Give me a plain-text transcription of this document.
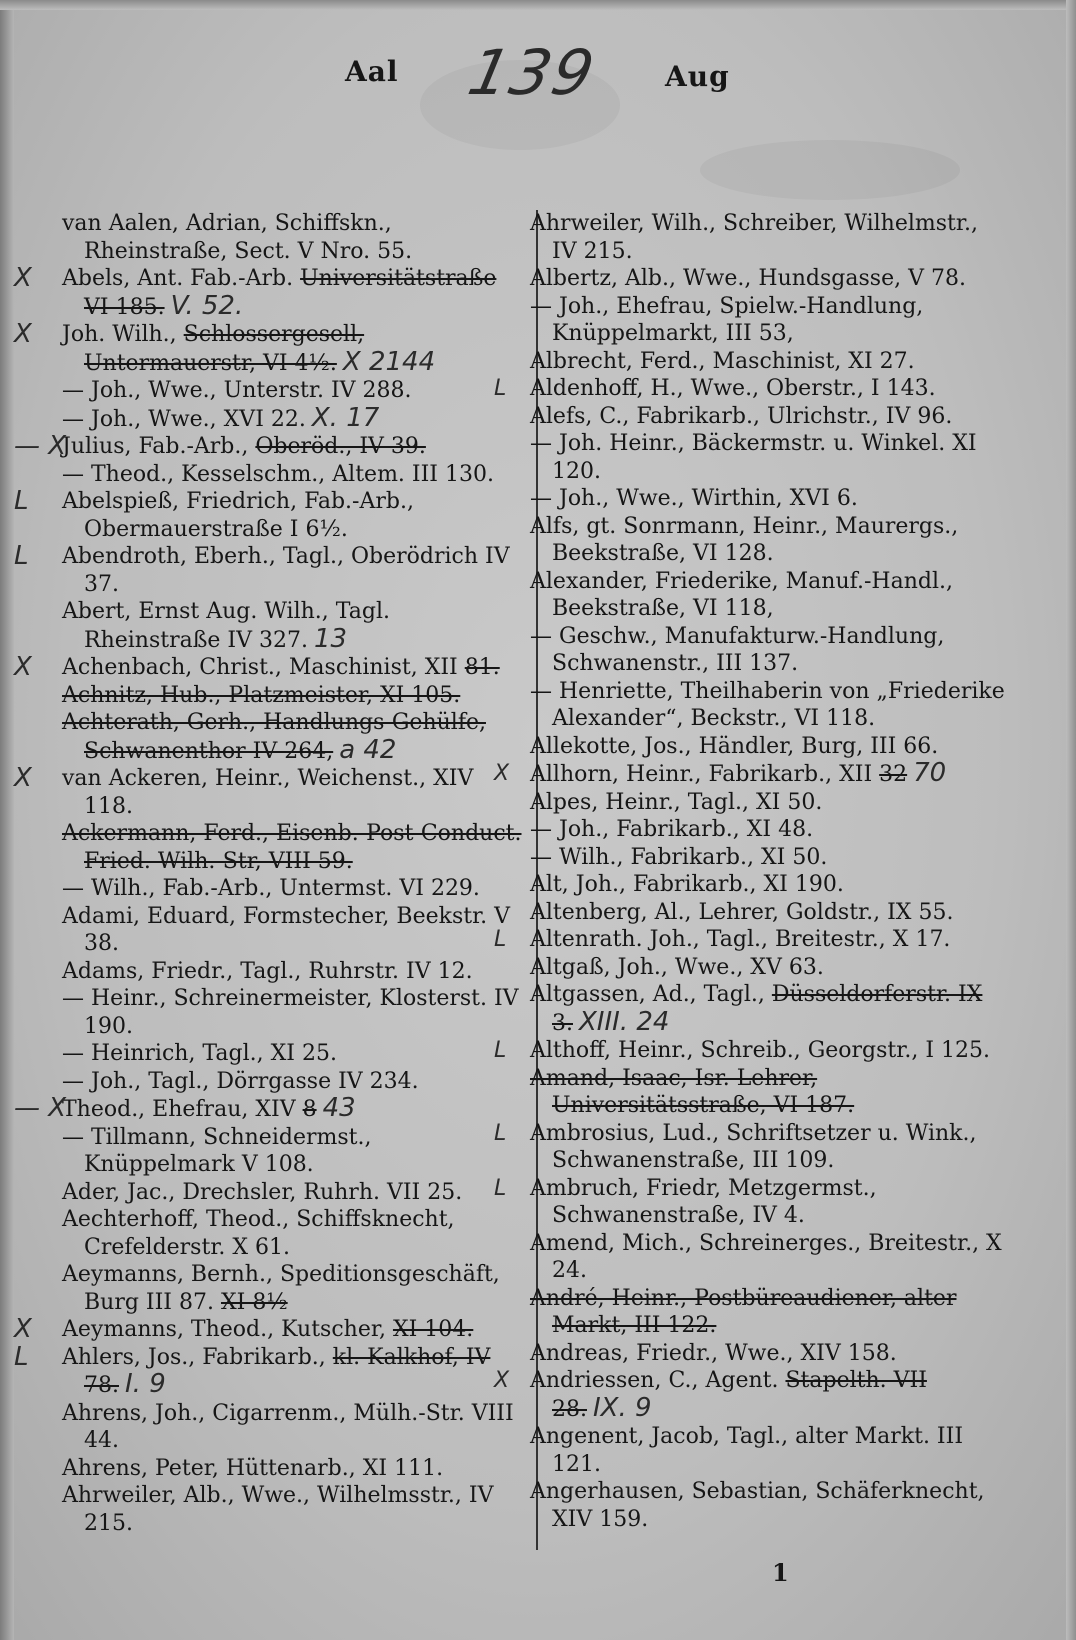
Aal 139 Aug

van Aalen, Adrian, Schiffskn., Rheinstraße, Sect. V Nro. 55.

X Abels, Ant. Fab.-Arb. Universitätstraße VI 185. V. 52.

X Joh. Wilh., Schlossergesell, Untermauerstr, VI 4½. X 2144

— Joh., Wwe., Unterstr. IV 288.

— Joh., Wwe., XVI 22. X. 17

— X
Julius, Fab.-Arb., Oberöd., IV 39.

— Theod., Kesselschm., Altem. III 130.

L	Abelspieß, Friedrich, Fab.-Arb., Obermauerstraße I 6½.

L	Abendroth, Eberh., Tagl., Oberödrich IV 37.

Abert, Ernst Aug. Wilh., Tagl. Rheinstraße IV 327. 13

X Achenbach, Christ., Maschinist, XII 81.

Achnitz, Hub., Platzmeister, XI 105.

Achterath, Gerh., Handlungs-Gehülfe, Schwanenthor IV 264, a 42

X van Ackeren, Heinr., Weichenst., XIV 118.

Ackermann, Ferd., Eisenb.-Post-Conduct. Fried. Wilh.-Str, VIII 59.

— Wilh., Fab.-Arb., Untermst. VI 229.

Adami, Eduard, Formstecher, Beekstr. V 38.

Adams, Friedr., Tagl., Ruhrstr. IV 12.

— Heinr., Schreinermeister, Klosterst. IV 190.

— Heinrich, Tagl., XI 25.

— Joh., Tagl., Dörrgasse IV 234.

— X
Theod., Ehefrau, XIV 8 43

— Tillmann, Schneidermst., Knüppelmark V 108.

Ader, Jac., Drechsler, Ruhrh. VII 25.

Aechterhoff, Theod., Schiffsknecht, Crefelderstr. X 61.

Aeymanns, Bernh., Speditionsgeschäft, Burg III 87. XI 8½

X Aeymanns, Theod., Kutscher, XI 104.

L	Ahlers, Jos., Fabrikarb., kl. Kalkhof, IV 78. I. 9

Ahrens, Joh., Cigarrenm., Mülh.-Str. VIII 44.

Ahrens, Peter, Hüttenarb., XI 111.

Ahrweiler, Alb., Wwe., Wilhelmsstr., IV 215.

Ahrweiler, Wilh., Schreiber, Wilhelmstr., IV 215.

Albertz, Alb., Wwe., Hundsgasse, V 78.

— Joh., Ehefrau, Spielw.-Handlung, Knüppelmarkt, III 53,

Albrecht, Ferd., Maschinist, XI 27.

L	Aldenhoff, H., Wwe., Oberstr., I 143.

Alefs, C., Fabrikarb., Ulrichstr., IV 96.

— Joh. Heinr., Bäckermstr. u. Winkel. XI 120.

— Joh., Wwe., Wirthin, XVI 6.

Alfs, gt. Sonrmann, Heinr., Maurergs., Beekstraße, VI 128.

Alexander, Friederike, Manuf.-Handl., Beekstraße, VI 118,

— Geschw., Manufakturw.-Handlung, Schwanenstr., III 137.

— Henriette, Theilhaberin von „Friederike Alexander“, Beckstr., VI 118.

Allekotte, Jos., Händler, Burg, III 66.

X Allhorn, Heinr., Fabrikarb., XII 32 70

Alpes, Heinr., Tagl., XI 50.

— Joh., Fabrikarb., XI 48.

— Wilh., Fabrikarb., XI 50.

Alt, Joh., Fabrikarb., XI 190.

Altenberg, Al., Lehrer, Goldstr., IX 55.

L	Altenrath. Joh., Tagl., Breitestr., X 17.

Altgaß, Joh., Wwe., XV 63.

Altgassen, Ad., Tagl., Düsseldorferstr. IX 3. XIII. 24

L	Althoff, Heinr., Schreib., Georgstr., I 125.

Amand, Isaac, Isr. Lehrer, Universitätsstraße, VI 187.

L	Ambrosius, Lud., Schriftsetzer u. Wink., Schwanenstraße, III 109.

L	Ambruch, Friedr, Metzgermst., Schwanenstraße, IV 4.

Amend, Mich., Schreinerges., Breitestr., X 24.

André, Heinr., Postbüreaudiener, alter Markt, III 122.

Andreas, Friedr., Wwe., XIV 158.

X Andriessen, C., Agent. Stapelth. VII 28. IX. 9

Angenent, Jacob, Tagl., alter Markt. III 121.

Angerhausen, Sebastian, Schäferknecht, XIV 159.

1
